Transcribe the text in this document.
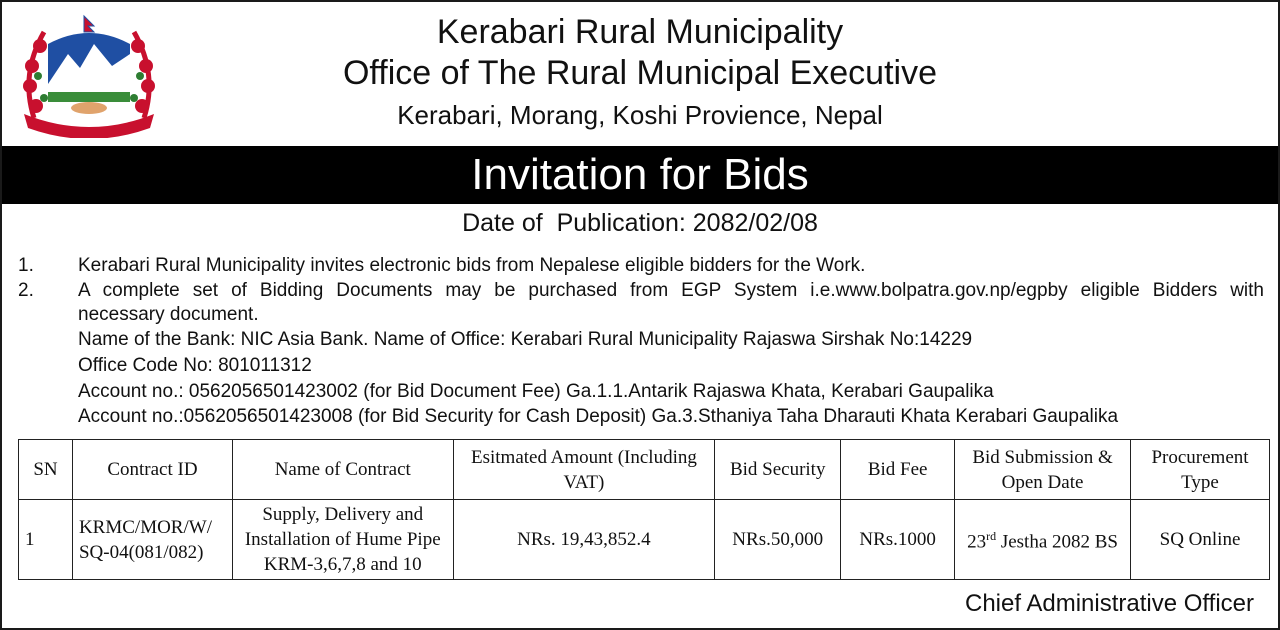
Kerabari Rural Municipality
Office of The Rural Municipal Executive
Kerabari, Morang, Koshi Provience, Nepal
Invitation for Bids
Date of  Publication: 2082/02/08
1. Kerabari Rural Municipality invites electronic bids from Nepalese eligible bidders for the Work.
2. A complete set of Bidding Documents may be purchased from EGP System i.e.www.bolpatra.gov.np/egpby eligible Bidders with
necessary document.
Name of the Bank: NIC Asia Bank. Name of Office: Kerabari Rural Municipality Rajaswa Sirshak No:14229
Office Code No: 801011312
Account no.: 0562056501423002 (for Bid Document Fee) Ga.1.1.Antarik Rajaswa Khata, Kerabari Gaupalika
Account no.:0562056501423008 (for Bid Security for Cash Deposit) Ga.3.Sthaniya Taha Dharauti Khata Kerabari Gaupalika
SN	Contract ID	Name of Contract	Esitmated Amount (Including VAT)	Bid Security	Bid Fee	Bid Submission & Open Date	Procurement Type
1	KRMC/MOR/W/ SQ-04(081/082)	Supply, Delivery and Installation of Hume Pipe KRM-3,6,7,8 and 10	NRs. 19,43,852.4	NRs.50,000	NRs.1000	23rd Jestha 2082 BS	SQ Online
Chief Administrative Officer
